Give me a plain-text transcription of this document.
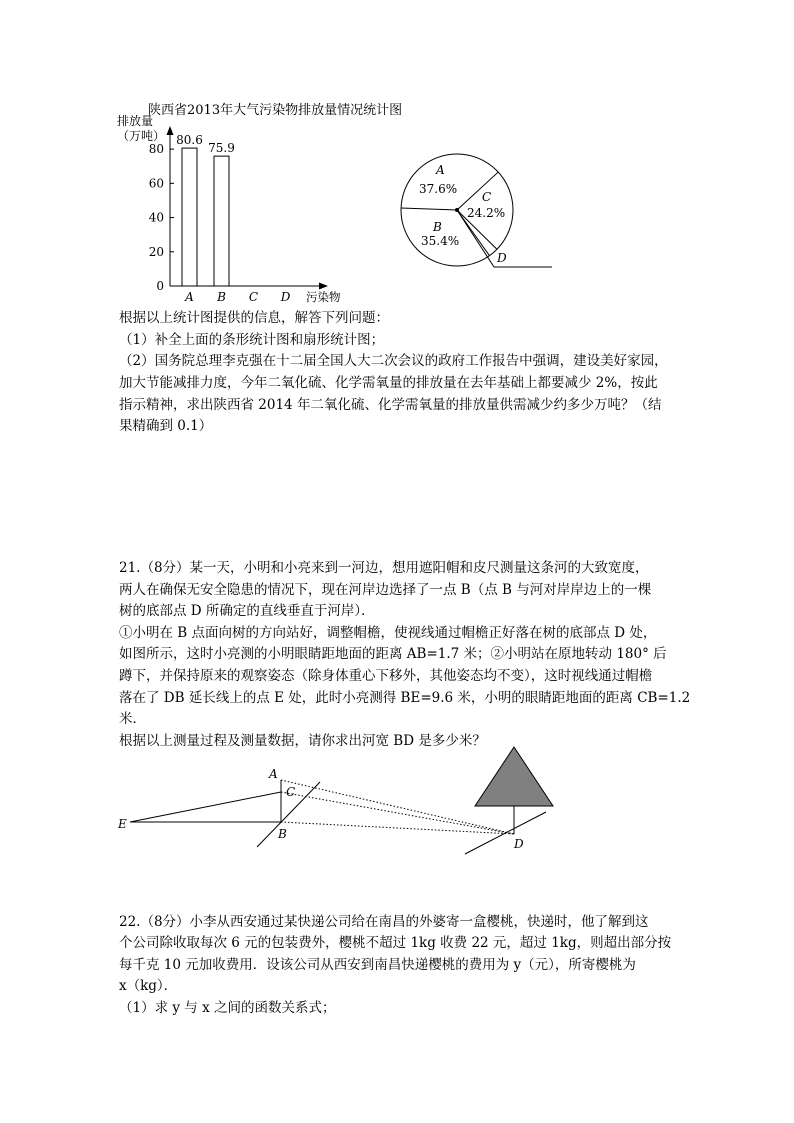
陕西省2013年大气污染物排放量情况统计图
排放量
（万吨）
0
20
40
60
80
80.6
A
75.9
B C D 污染物
A
37.6%
B
35.4%
C
24.2%
D
根据以上统计图提供的信息，解答下列问题：
（1）补全上面的条形统计图和扇形统计图；
（2）国务院总理李克强在十二届全国人大二次会议的政府工作报告中强调，建设美好家园，
加大节能减排力度，今年二氧化硫、化学需氧量的排放量在去年基础上都要减少 2%，按此
指示精神，求出陕西省 2014 年二氧化硫、化学需氧量的排放量供需减少约多少万吨？（结
果精确到 0.1）
21.（8分）某一天，小明和小亮来到一河边，想用遮阳帽和皮尺测量这条河的大致宽度，
两人在确保无安全隐患的情况下，现在河岸边选择了一点 B（点 B 与河对岸岸边上的一棵
树的底部点 D 所确定的直线垂直于河岸）．
①小明在 B 点面向树的方向站好，调整帽檐，使视线通过帽檐正好落在树的底部点 D 处，
如图所示，这时小亮测的小明眼睛距地面的距离 AB=1.7 米；②小明站在原地转动 180° 后
蹲下，并保持原来的观察姿态（除身体重心下移外，其他姿态均不变），这时视线通过帽檐
落在了 DB 延长线上的点 E 处，此时小亮测得 BE=9.6 米，小明的眼睛距地面的距离 CB=1.2
米．
根据以上测量过程及测量数据，请你求出河宽 BD 是多少米？
A
C
E
B
D
22.（8分）小李从西安通过某快递公司给在南昌的外婆寄一盒樱桃，快递时，他了解到这
个公司除收取每次 6 元的包装费外，樱桃不超过 1kg 收费 22 元，超过 1kg，则超出部分按
每千克 10 元加收费用．设该公司从西安到南昌快递樱桃的费用为 y（元），所寄樱桃为
x（kg）．
（1）求 y 与 x 之间的函数关系式；
